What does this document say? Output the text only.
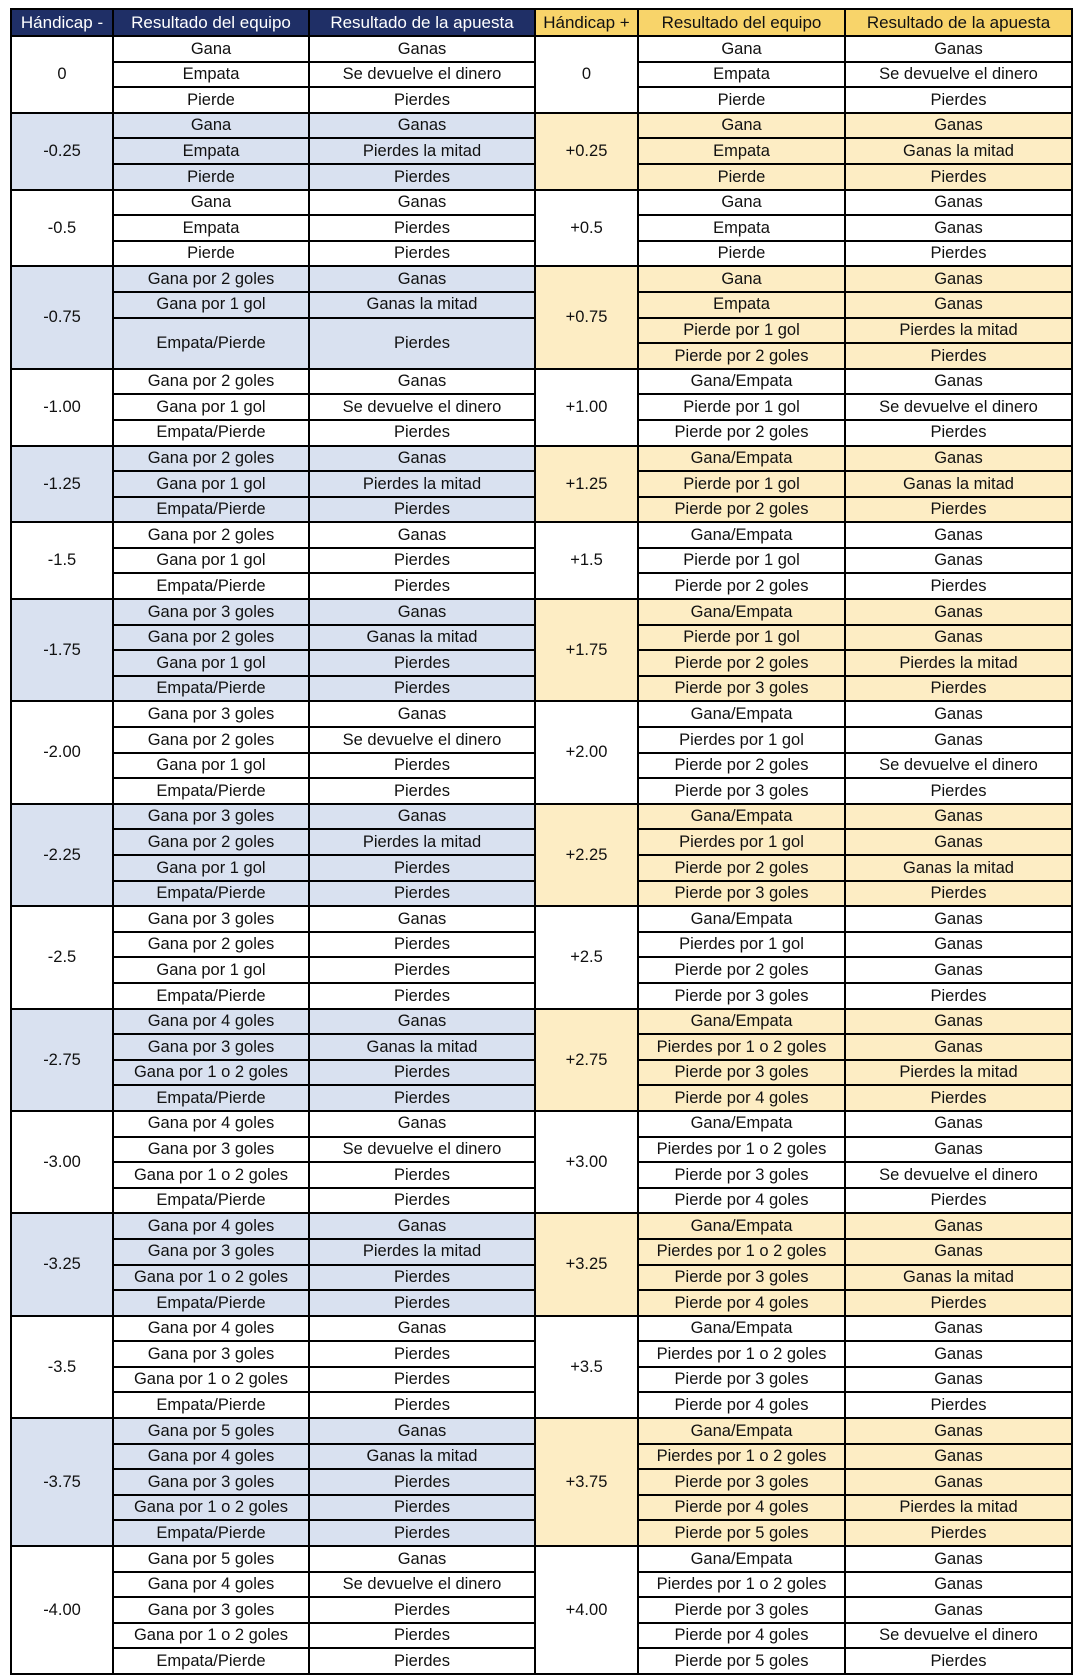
Hándicap -	Resultado del equipo	Resultado de la apuesta	Hándicap +	Resultado del equipo	Resultado de la apuesta
0	Gana	Ganas	0	Gana	Ganas
	Empata	Se devuelve el dinero		Empata	Se devuelve el dinero
	Pierde	Pierdes		Pierde	Pierdes
-0.25	Gana	Ganas	+0.25	Gana	Ganas
	Empata	Pierdes la mitad		Empata	Ganas la mitad
	Pierde	Pierdes		Pierde	Pierdes
-0.5	Gana	Ganas	+0.5	Gana	Ganas
	Empata	Pierdes		Empata	Ganas
	Pierde	Pierdes		Pierde	Pierdes
-0.75	Gana por 2 goles	Ganas	+0.75	Gana	Ganas
	Gana por 1 gol	Ganas la mitad		Empata	Ganas
	Empata/Pierde	Pierdes		Pierde por 1 gol	Pierdes la mitad
				Pierde por 2 goles	Pierdes
-1.00	Gana por 2 goles	Ganas	+1.00	Gana/Empata	Ganas
	Gana por 1 gol	Se devuelve el dinero		Pierde por 1 gol	Se devuelve el dinero
	Empata/Pierde	Pierdes		Pierde por 2 goles	Pierdes
-1.25	Gana por 2 goles	Ganas	+1.25	Gana/Empata	Ganas
	Gana por 1 gol	Pierdes la mitad		Pierde por 1 gol	Ganas la mitad
	Empata/Pierde	Pierdes		Pierde por 2 goles	Pierdes
-1.5	Gana por 2 goles	Ganas	+1.5	Gana/Empata	Ganas
	Gana por 1 gol	Pierdes		Pierde por 1 gol	Ganas
	Empata/Pierde	Pierdes		Pierde por 2 goles	Pierdes
-1.75	Gana por 3 goles	Ganas	+1.75	Gana/Empata	Ganas
	Gana por 2 goles	Ganas la mitad		Pierde por 1 gol	Ganas
	Gana por 1 gol	Pierdes		Pierde por 2 goles	Pierdes la mitad
	Empata/Pierde	Pierdes		Pierde por 3 goles	Pierdes
-2.00	Gana por 3 goles	Ganas	+2.00	Gana/Empata	Ganas
	Gana por 2 goles	Se devuelve el dinero		Pierdes por 1 gol	Ganas
	Gana por 1 gol	Pierdes		Pierde por 2 goles	Se devuelve el dinero
	Empata/Pierde	Pierdes		Pierde por 3 goles	Pierdes
-2.25	Gana por 3 goles	Ganas	+2.25	Gana/Empata	Ganas
	Gana por 2 goles	Pierdes la mitad		Pierdes por 1 gol	Ganas
	Gana por 1 gol	Pierdes		Pierde por 2 goles	Ganas la mitad
	Empata/Pierde	Pierdes		Pierde por 3 goles	Pierdes
-2.5	Gana por 3 goles	Ganas	+2.5	Gana/Empata	Ganas
	Gana por 2 goles	Pierdes		Pierdes por 1 gol	Ganas
	Gana por 1 gol	Pierdes		Pierde por 2 goles	Ganas
	Empata/Pierde	Pierdes		Pierde por 3 goles	Pierdes
-2.75	Gana por 4 goles	Ganas	+2.75	Gana/Empata	Ganas
	Gana por 3 goles	Ganas la mitad		Pierdes por 1 o 2 goles	Ganas
	Gana por 1 o 2 goles	Pierdes		Pierde por 3 goles	Pierdes la mitad
	Empata/Pierde	Pierdes		Pierde por 4 goles	Pierdes
-3.00	Gana por 4 goles	Ganas	+3.00	Gana/Empata	Ganas
	Gana por 3 goles	Se devuelve el dinero		Pierdes por 1 o 2 goles	Ganas
	Gana por 1 o 2 goles	Pierdes		Pierde por 3 goles	Se devuelve el dinero
	Empata/Pierde	Pierdes		Pierde por 4 goles	Pierdes
-3.25	Gana por 4 goles	Ganas	+3.25	Gana/Empata	Ganas
	Gana por 3 goles	Pierdes la mitad		Pierdes por 1 o 2 goles	Ganas
	Gana por 1 o 2 goles	Pierdes		Pierde por 3 goles	Ganas la mitad
	Empata/Pierde	Pierdes		Pierde por 4 goles	Pierdes
-3.5	Gana por 4 goles	Ganas	+3.5	Gana/Empata	Ganas
	Gana por 3 goles	Pierdes		Pierdes por 1 o 2 goles	Ganas
	Gana por 1 o 2 goles	Pierdes		Pierde por 3 goles	Ganas
	Empata/Pierde	Pierdes		Pierde por 4 goles	Pierdes
-3.75	Gana por 5 goles	Ganas	+3.75	Gana/Empata	Ganas
	Gana por 4 goles	Ganas la mitad		Pierdes por 1 o 2 goles	Ganas
	Gana por 3 goles	Pierdes		Pierde por 3 goles	Ganas
	Gana por 1 o 2 goles	Pierdes		Pierde por 4 goles	Pierdes la mitad
	Empata/Pierde	Pierdes		Pierde por 5 goles	Pierdes
-4.00	Gana por 5 goles	Ganas	+4.00	Gana/Empata	Ganas
	Gana por 4 goles	Se devuelve el dinero		Pierdes por 1 o 2 goles	Ganas
	Gana por 3 goles	Pierdes		Pierde por 3 goles	Ganas
	Gana por 1 o 2 goles	Pierdes		Pierde por 4 goles	Se devuelve el dinero
	Empata/Pierde	Pierdes		Pierde por 5 goles	Pierdes
